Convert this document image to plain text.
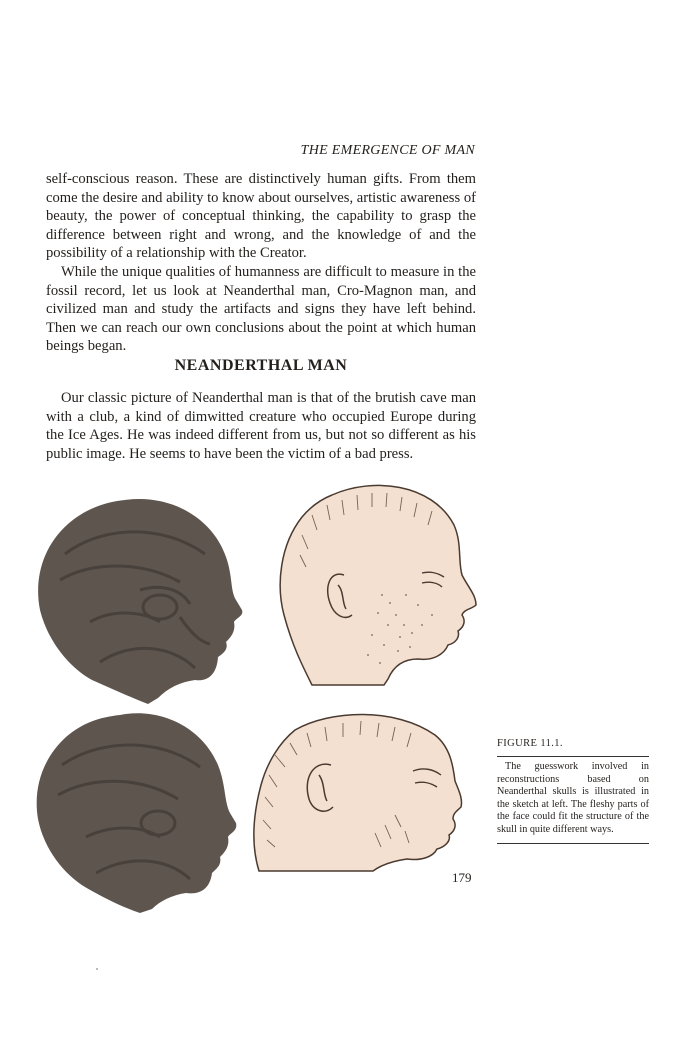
THE EMERGENCE OF MAN

self-conscious reason. These are distinctively human gifts. From them come the desire and ability to know about ourselves, artistic awareness of beauty, the power of conceptual thinking, the capability to grasp the difference between right and wrong, and the knowledge of and the possibility of a relationship with the Creator.

While the unique qualities of humanness are difficult to measure in the fossil record, let us look at Neanderthal man, Cro-Magnon man, and civilized man and study the artifacts and signs they have left behind. Then we can reach our own conclusions about the point at which human beings began.

NEANDERTHAL MAN

Our classic picture of Neanderthal man is that of the brutish cave man with a club, a kind of dimwitted creature who occupied Europe during the Ice Ages. He was indeed different from us, but not so different as his public image. He seems to have been the victim of a bad press.

FIGURE 11.1.
The guesswork involved in reconstructions based on Neanderthal skulls is illustrated in the sketch at left. The fleshy parts of the face could fit the structure of the skull in quite different ways.
179
